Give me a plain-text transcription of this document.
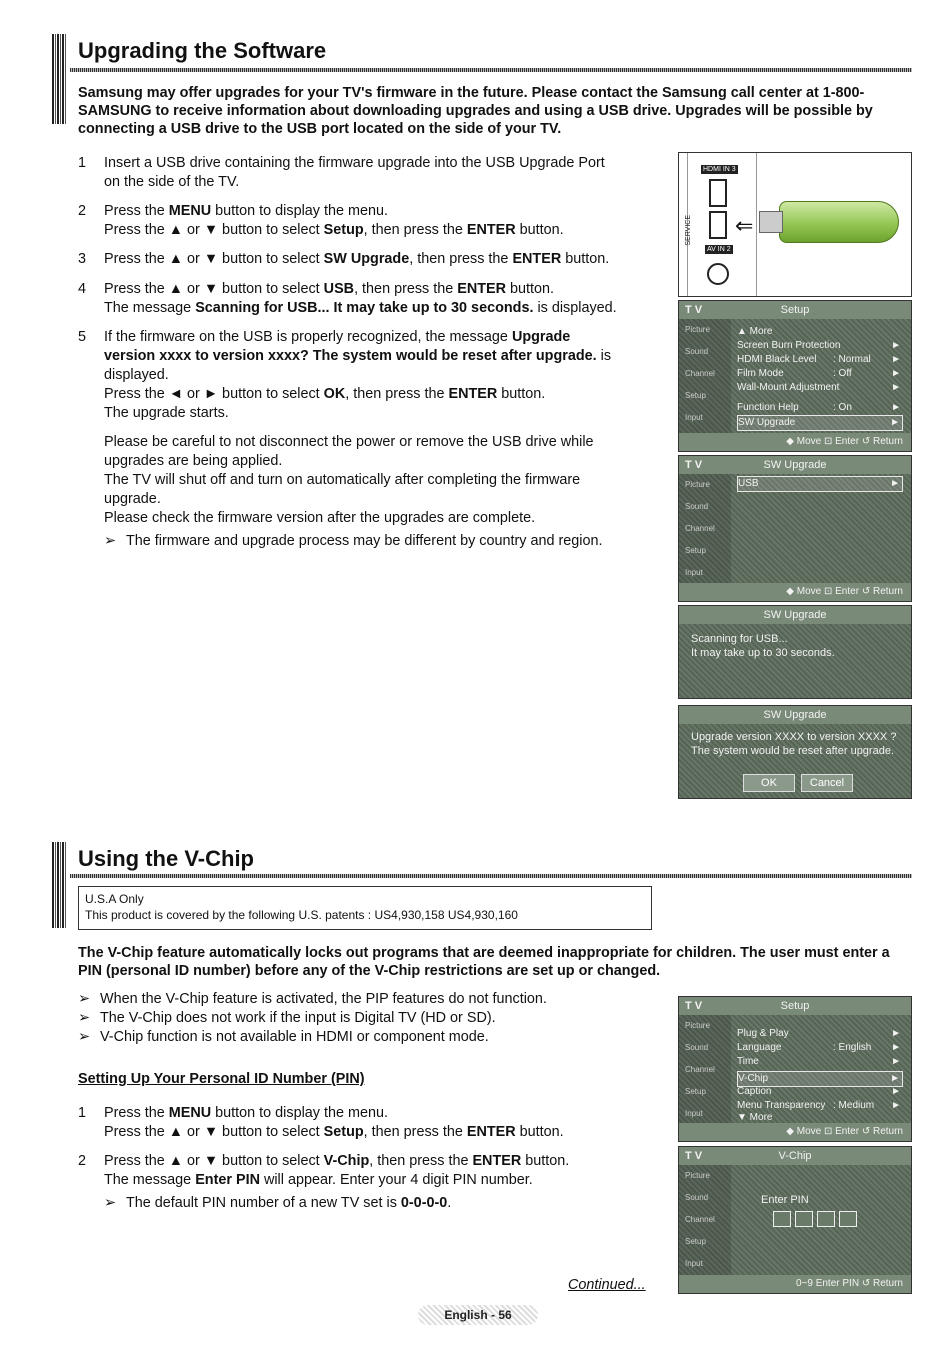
Upgrading the Software
Samsung may offer upgrades for your TV's firmware in the future. Please contact the Samsung call center at 1-800-SAMSUNG to receive information about downloading upgrades and using a USB drive. Upgrades will be possible by connecting a USB drive to the USB port located on the side of your TV.
1	Insert a USB drive containing the firmware upgrade into the USB Upgrade Port

on the side of the TV.

2	Press the MENU button to display the menu.

Press the ▲ or ▼ button to select Setup, then press the ENTER button.

3	Press the ▲ or ▼ button to select SW Upgrade, then press the ENTER button.

4	Press the ▲ or ▼ button to select USB, then press the ENTER button.

The message Scanning for USB... It may take up to 30 seconds. is displayed.

5	If the firmware on the USB is properly recognized, the message Upgrade

version xxxx to version xxxx? The system would be reset after upgrade. is

displayed.

Press the ◄ or ► button to select OK, then press the ENTER button.

The upgrade starts.

Please be careful to not disconnect the power or remove the USB drive while

upgrades are being applied.

The TV will shut off and turn on automatically after completing the firmware

upgrade.

Please check the firmware version after the upgrades are complete.

➢ The firmware and upgrade process may be different by country and region.

HDMI IN 3
SERVICE
AV IN 2
⇐
T V	Setup
Picture
Sound
Channel
Setup
Input
▲ More
Screen Burn Protection	►
HDMI Black Level : Normal ►
Film Mode	: Off	►
Wall-Mount Adjustment	►
Function Help	: On	►
SW Upgrade	►
◆ Move ⊡ Enter ↺ Return
T V	SW Upgrade
Picture
Sound
Channel
Setup
Input
USB	►
◆ Move ⊡ Enter ↺ Return
SW Upgrade
Scanning for USB...
It may take up to 30 seconds.
SW Upgrade
Upgrade version XXXX to version XXXX ?
The system would be reset after upgrade.
OK	Cancel
Using the V-Chip
U.S.A Only
This product is covered by the following U.S. patents : US4,930,158 US4,930,160
The V-Chip feature automatically locks out programs that are deemed inappropriate for children. The user must enter a PIN (personal ID number) before any of the V-Chip restrictions are set up or changed.
➢ When the V-Chip feature is activated, the PIP features do not function.
➢ The V-Chip does not work if the input is Digital TV (HD or SD).
➢ V-Chip function is not available in HDMI or component mode.
Setting Up Your Personal ID Number (PIN)
1	Press the MENU button to display the menu.

Press the ▲ or ▼ button to select Setup, then press the ENTER button.

2	Press the ▲ or ▼ button to select V-Chip, then press the ENTER button.

The message Enter PIN will appear. Enter your 4 digit PIN number.

➢ The default PIN number of a new TV set is 0-0-0-0.

Continued...
T V	Setup
Picture
Sound
Channel
Setup
Input
Plug & Play	►
Language	: English ►
Time	►
V-Chip	►
Caption	►
Menu Transparency : Medium ►
▼ More
◆ Move ⊡ Enter ↺ Return
T V	V-Chip
Picture
Sound
Channel
Setup
Input
Enter PIN
0~9 Enter PIN ↺ Return
English - 56
